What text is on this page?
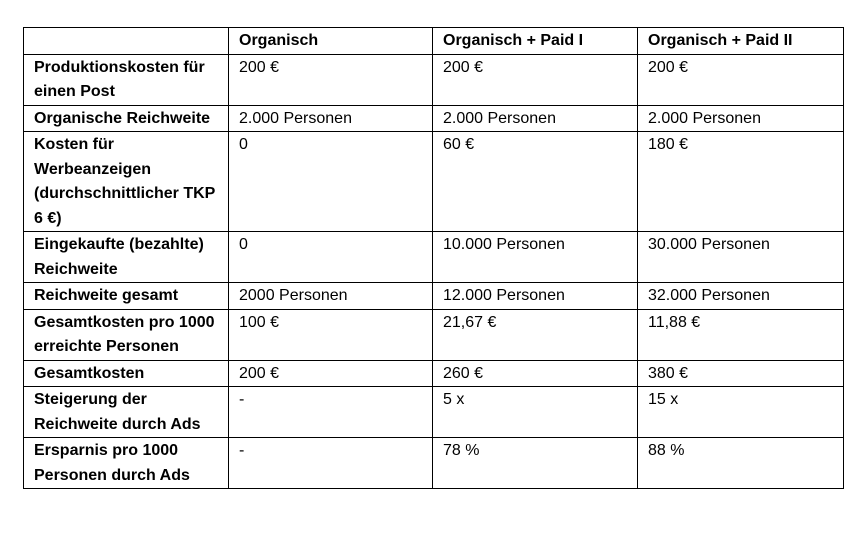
	Organisch	Organisch + Paid I	Organisch + Paid II
Produktionskosten für einen Post	200 €	200 €	200 €
Organische Reichweite	2.000 Personen	2.000 Personen	2.000 Personen
Kosten für Werbeanzeigen (durchschnittlicher TKP 6 €)	0	60 €	180 €
Eingekaufte (bezahlte) Reichweite	0	10.000 Personen	30.000 Personen
Reichweite gesamt	2000 Personen	12.000 Personen	32.000 Personen
Gesamtkosten pro 1000 erreichte Personen	100 €	21,67 €	11,88 €
Gesamtkosten	200 €	260 €	380 €
Steigerung der Reichweite durch Ads	-	5 x	15 x
Ersparnis pro 1000 Personen durch Ads	-	78 %	88 %
